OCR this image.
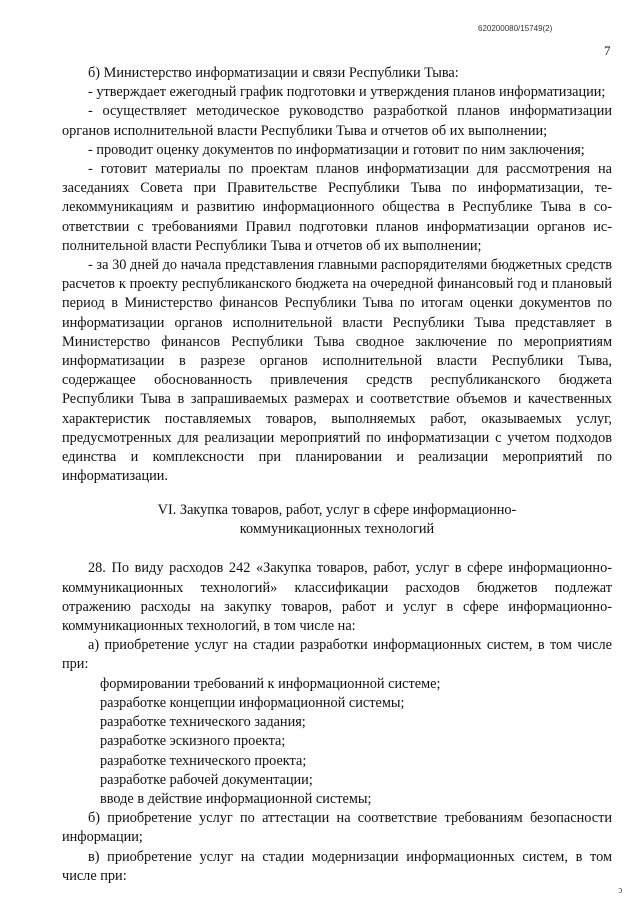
620200080/15749(2)
7

б) Министерство информатизации и связи Республики Тыва:

- утверждает ежегодный график подготовки и утверждения планов информатизации;

- осуществляет методическое руководство разработкой планов информатизации органов исполнительной власти Республики Тыва и отчетов об их выполнении;

- проводит оценку документов по информатизации и готовит по ним заключения;

- готовит материалы по проектам планов информатизации для рассмотрения на заседаниях Совета при Правительстве Республики Тыва по информатизации, телекоммуникациям и развитию информационного общества в Республике Тыва в соответствии с требованиями Правил подготовки планов информатизации органов исполнительной власти Республики Тыва и отчетов об их выполнении;

- за 30 дней до начала представления главными распорядителями бюджетных средств расчетов к проекту республиканского бюджета на очередной финансовый год и плановый период в Министерство финансов Республики Тыва по итогам оценки документов по информатизации органов исполнительной власти Республики Тыва представляет в Министерство финансов Республики Тыва сводное заключение по мероприятиям информатизации в разрезе органов исполнительной власти Республики Тыва, содержащее обоснованность привлечения средств республиканского бюджета Республики Тыва в запрашиваемых размерах и соответствие объемов и качественных характеристик поставляемых товаров, выполняемых работ, оказываемых услуг, предусмотренных для реализации мероприятий по информатизации с учетом подходов единства и комплексности при планировании и реализации мероприятий по информатизации.

VI. Закупка товаров, работ, услуг в сфере информационно-
коммуникационных технологий

28. По виду расходов 242 «Закупка товаров, работ, услуг в сфере информационно-коммуникационных технологий» классификации расходов бюджетов подлежат отражению расходы на закупку товаров, работ и услуг в сфере информационно-коммуникационных технологий, в том числе на:

а) приобретение услуг на стадии разработки информационных систем, в том числе при:

формировании требований к информационной системе;

разработке концепции информационной системы;

разработке технического задания;

разработке эскизного проекта;

разработке технического проекта;

разработке рабочей документации;

вводе в действие информационной системы;

б) приобретение услуг по аттестации на соответствие требованиям безопасности информации;

в) приобретение услуг на стадии модернизации информационных систем, в том числе при:

ͻ
